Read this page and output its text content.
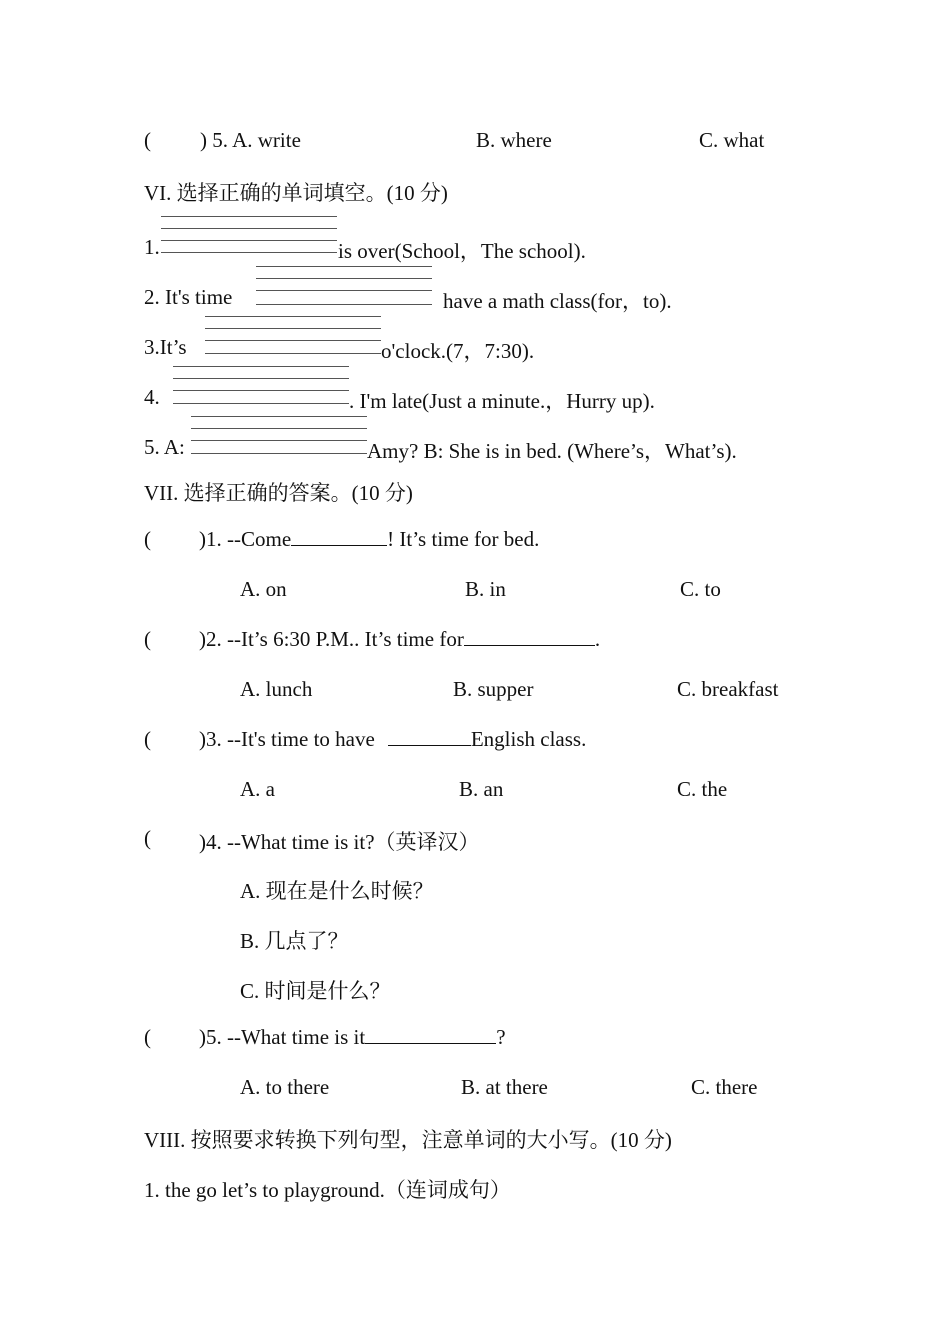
( ) 5. A. write	B. where	C. what
VI. 选择正确的单词填空。(10 分)
1.	is over(School，The school).
2. It's time	have a math class(for，to).
3.It’s	o'clock.(7，7:30).
4.	. I'm late(Just a minute.，Hurry up).
5. A:	Amy? B: She is in bed. (Where’s，What’s).
VII. 选择正确的答案。(10 分)
( )1. --Come	! It’s time for bed.
A. on	B. in	C. to
( )2. --It’s 6:30 P.M.. It’s time for	.
A. lunch	B. supper	C. breakfast
( )3. --It's time to have	English class.
A. a	B. an	C. the
( )4. --What time is it?（英译汉）
A. 现在是什么时候？
B. 几点了？
C. 时间是什么？
( )5. --What time is it	?
A. to there	B. at there	C. there
VIII. 按照要求转换下列句型，注意单词的大小写。(10 分)
1. the go let’s to playground.（连词成句）
